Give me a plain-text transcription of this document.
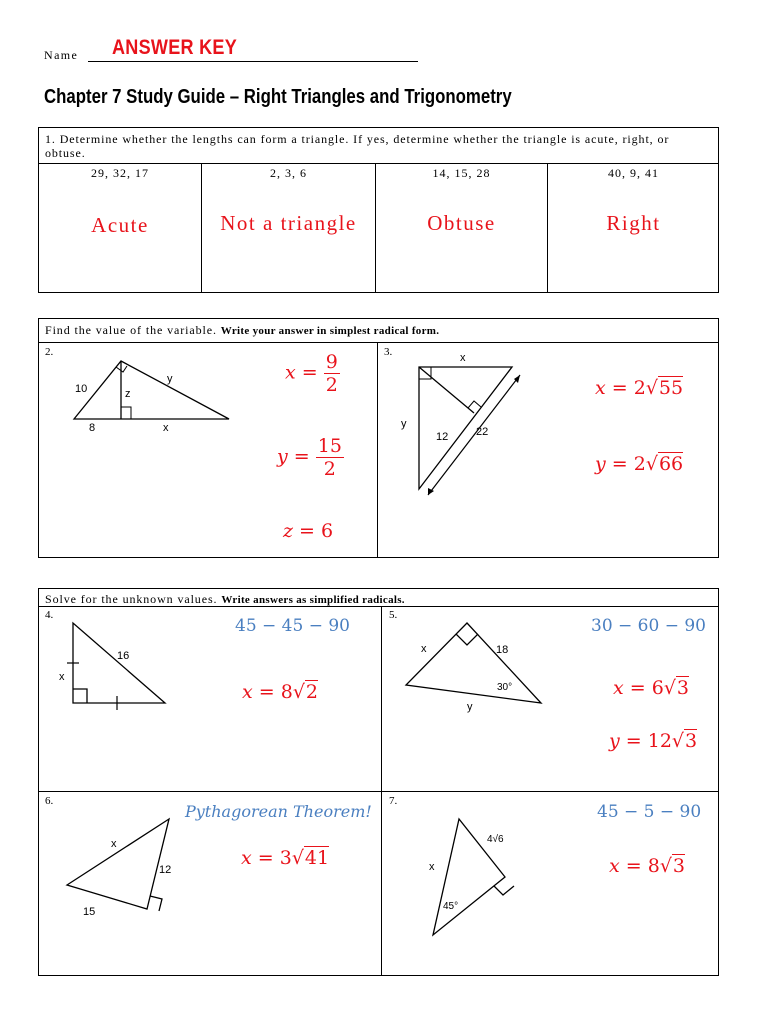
Name ANSWER KEY
Chapter 7 Study Guide – Right Triangles and Trigonometry
1. Determine whether the lengths can form a triangle. If yes, determine whether the triangle is acute, right, or obtuse.
29, 32, 17
Acute
2, 3, 6
Not a triangle
14, 15, 28
Obtuse
40, 9, 41
Right
Find the value of the variable. Write your answer in simplest radical form.
2.
10
y
z
8	x
$x = \frac{9}{2}$
$y = \frac{15}{2}$
z = 6
3.	x
y
12	22
x = 2√55
y = 2√66
Solve for the unknown values. Write answers as simplified radicals.
4.
16
x
45 − 45 − 90
x = 8√2
5.
x	18
30°
y
30 − 60 − 90
x = 6√3
y = 12√3
6.
x
12
15
Pythagorean Theorem!
x = 3√41
7.
4√6
x
45°
45 − 5 − 90
x = 8√3
